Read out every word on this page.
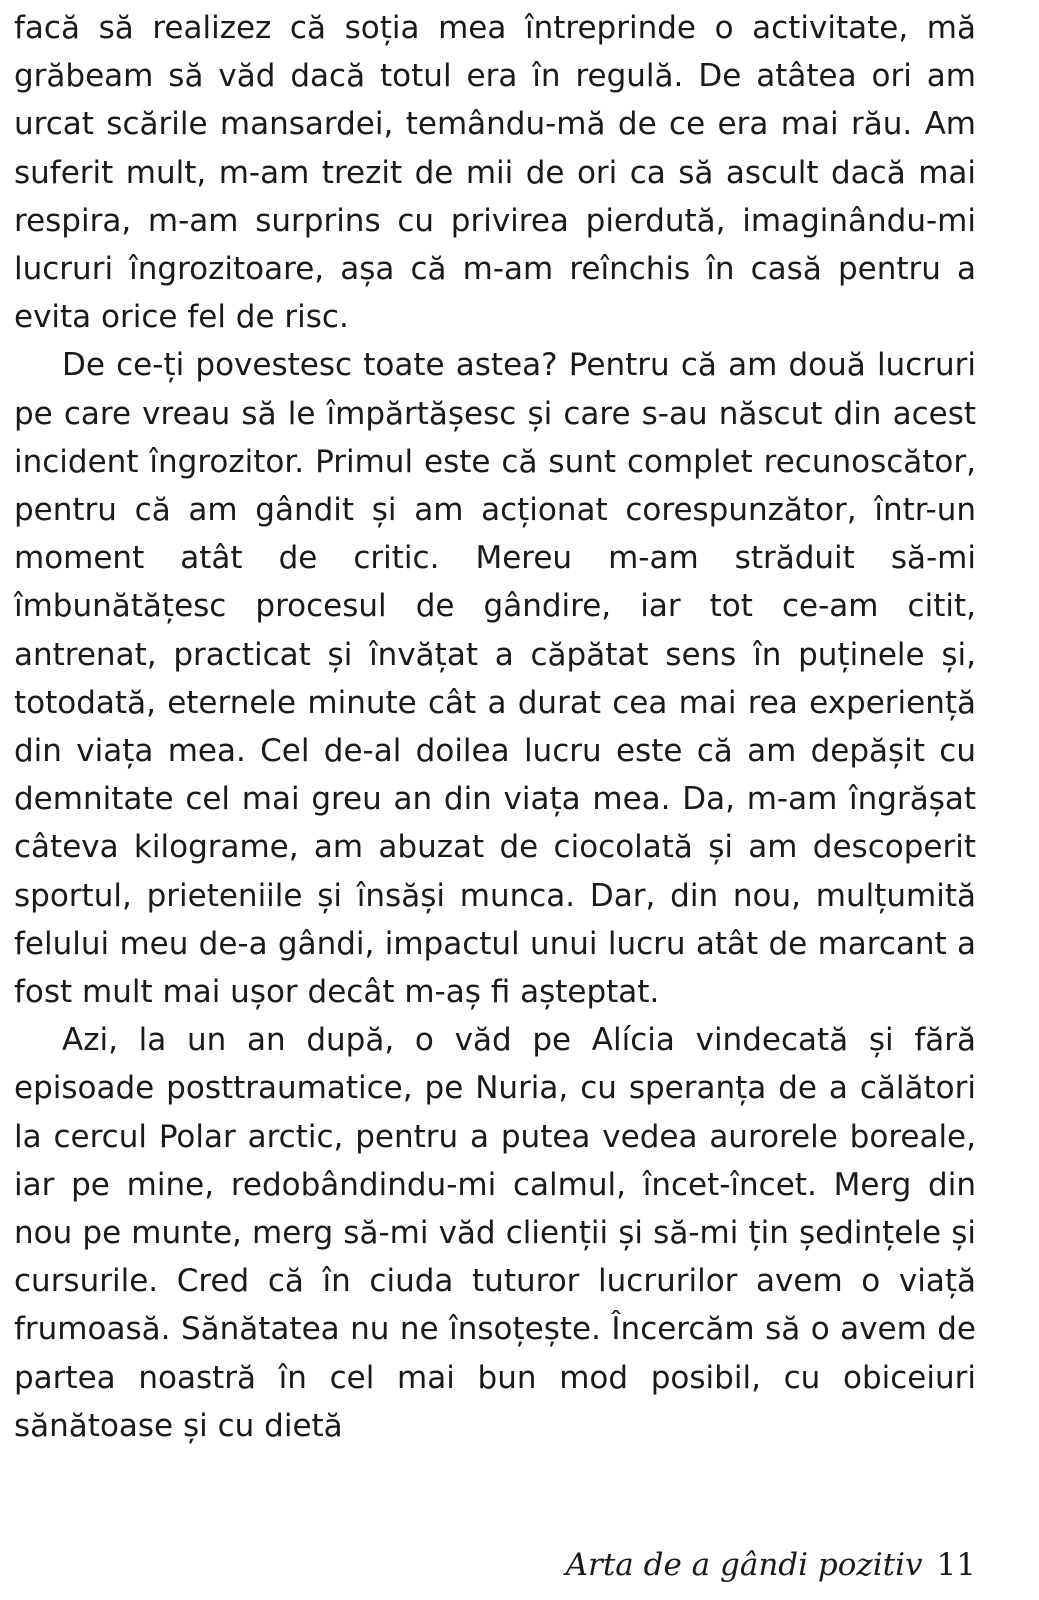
facă să realizez că soția mea întreprinde o activitate, mă grăbeam să văd dacă totul era în regulă. De atâtea ori am urcat scările mansardei, temându-mă de ce era mai rău. Am suferit mult, m-am trezit de mii de ori ca să ascult dacă mai respira, m-am surprins cu privirea pierdută, imaginându-mi lucruri îngrozitoare, așa că m-am reînchis în casă pentru a evita orice fel de risc.

De ce-ți povestesc toate astea? Pentru că am două lucruri pe care vreau să le împărtășesc și care s-au născut din acest incident îngrozitor. Primul este că sunt complet recunoscător, pentru că am gândit și am acționat corespunzător, într-un moment atât de critic. Mereu m-am străduit să-mi îmbunătățesc procesul de gândire, iar tot ce-am citit, antrenat, practicat și învățat a căpătat sens în puținele și, totodată, eternele minute cât a durat cea mai rea experiență din viața mea. Cel de-al doilea lucru este că am depășit cu demnitate cel mai greu an din viața mea. Da, m-am îngrășat câteva kilograme, am abuzat de ciocolată și am descoperit sportul, prieteniile și însăși munca. Dar, din nou, mulțumită felului meu de-a gândi, impactul unui lucru atât de marcant a fost mult mai ușor decât m-aș fi așteptat.

Azi, la un an după, o văd pe Alícia vindecată și fără episoade posttraumatice, pe Nuria, cu speranța de a călători la cercul Polar arctic, pentru a putea vedea aurorele boreale, iar pe mine, redobândindu-mi calmul, încet-încet. Merg din nou pe munte, merg să-mi văd clienții și să-mi țin ședințele și cursurile. Cred că în ciuda tuturor lucrurilor avem o viață frumoasă. Sănătatea nu ne însoțește. Încercăm să o avem de partea noastră în cel mai bun mod posibil, cu obiceiuri sănătoase și cu dietă

Arta de a gândi pozitiv 11
